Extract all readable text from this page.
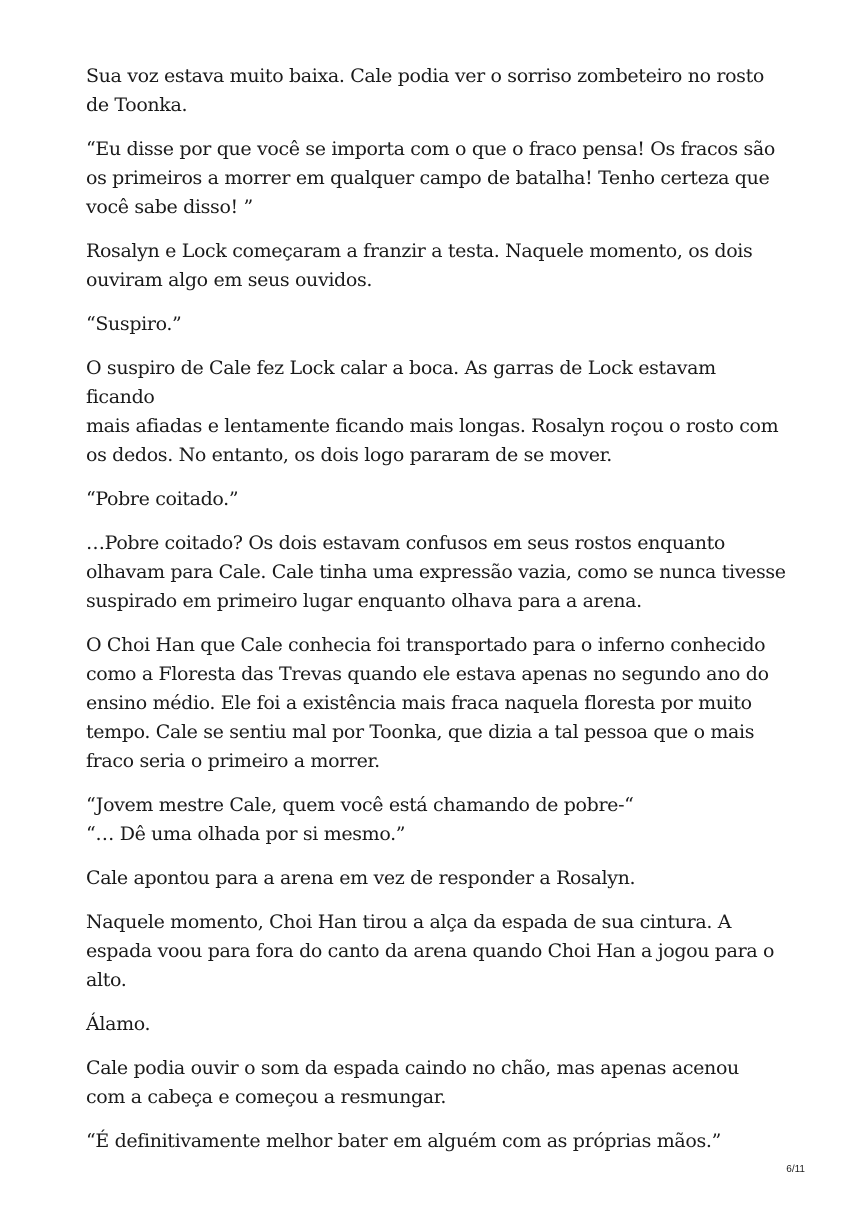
Sua voz estava muito baixa. Cale podia ver o sorriso zombeteiro no rosto
de Toonka.

“Eu disse por que você se importa com o que o fraco pensa! Os fracos são
os primeiros a morrer em qualquer campo de batalha! Tenho certeza que
você sabe disso! ”

Rosalyn e Lock começaram a franzir a testa. Naquele momento, os dois
ouviram algo em seus ouvidos.

“Suspiro.”

O suspiro de Cale fez Lock calar a boca. As garras de Lock estavam ficando
mais afiadas e lentamente ficando mais longas. Rosalyn roçou o rosto com
os dedos. No entanto, os dois logo pararam de se mover.

“Pobre coitado.”

…Pobre coitado? Os dois estavam confusos em seus rostos enquanto
olhavam para Cale. Cale tinha uma expressão vazia, como se nunca tivesse
suspirado em primeiro lugar enquanto olhava para a arena.

O Choi Han que Cale conhecia foi transportado para o inferno conhecido
como a Floresta das Trevas quando ele estava apenas no segundo ano do
ensino médio. Ele foi a existência mais fraca naquela floresta por muito
tempo. Cale se sentiu mal por Toonka, que dizia a tal pessoa que o mais
fraco seria o primeiro a morrer.

“Jovem mestre Cale, quem você está chamando de pobre-“
“… Dê uma olhada por si mesmo.”

Cale apontou para a arena em vez de responder a Rosalyn.

Naquele momento, Choi Han tirou a alça da espada de sua cintura. A
espada voou para fora do canto da arena quando Choi Han a jogou para o
alto.

Álamo.

Cale podia ouvir o som da espada caindo no chão, mas apenas acenou
com a cabeça e começou a resmungar.

“É definitivamente melhor bater em alguém com as próprias mãos.”

6/11
